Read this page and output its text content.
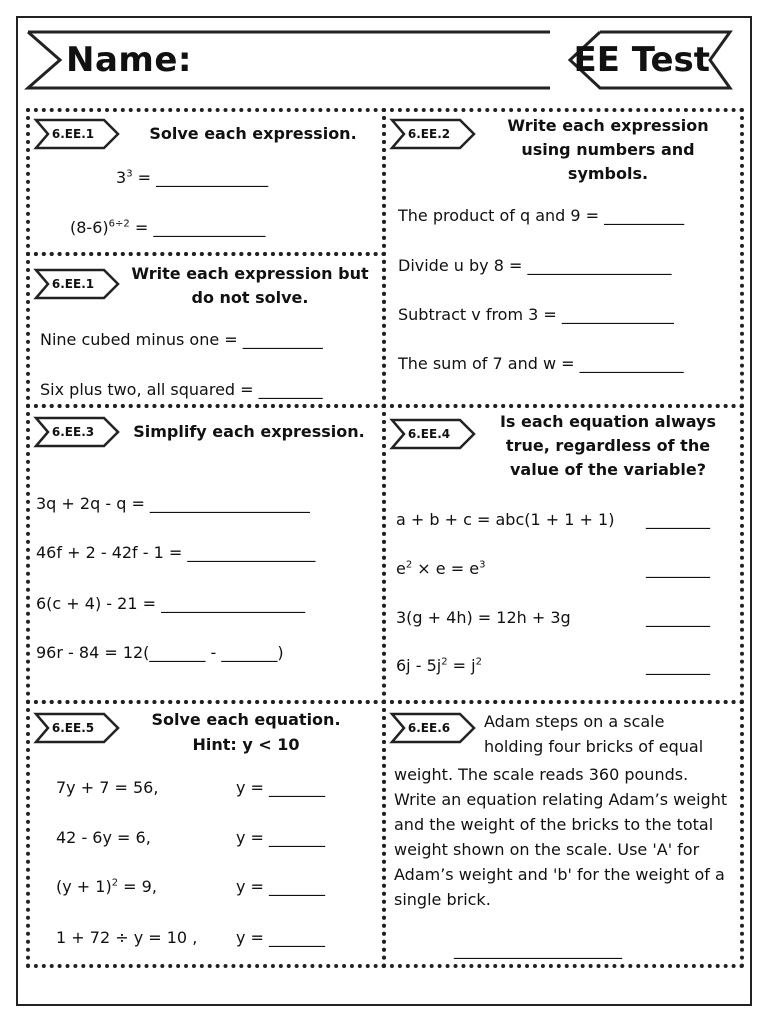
Name:	EE Test
6.EE.1	6.EE.2
6.EE.1
6.EE.3	6.EE.4
6.EE.5	6.EE.6
Solve each expression.
$3^3$ = ______________
$(8-6)^{6\div 2}$ = ______________
Write each expression but do not solve.
Nine cubed minus one = __________
Six plus two, all squared = ________
Write each expression using numbers and symbols.
The product of q and 9 = __________
Divide u by 8 = __________________
Subtract v from 3 = ______________
The sum of 7 and w = _____________
Simplify each expression.
3q + 2q - q = ____________________
46f + 2 - 42f - 1 = ________________
6(c + 4) - 21 = __________________
96r - 84 = 12(_______ - _______)
Is each equation always true, regardless of the value of the variable?
a + b + c = abc(1 + 1 + 1) ________
$e^2 \times e = e^3$	________
3(g + 4h) = 12h + 3g	________
$6j - 5j^2 = j^2$	________
Solve each equation.
Hint: y < 10
7y + 7 = 56,	y = _______
42 - 6y = 6,	y = _______
$(y + 1)^2 = 9$,	y = _______
1 + 72 ÷ y = 10 , y = _______
Adam steps on a scale
holding four bricks of equal
weight. The scale reads 360 pounds. Write an equation relating Adam’s weight and the weight of the bricks to the total weight shown on the scale. Use 'A' for Adam’s weight and 'b' for the weight of a single brick.
_____________________
